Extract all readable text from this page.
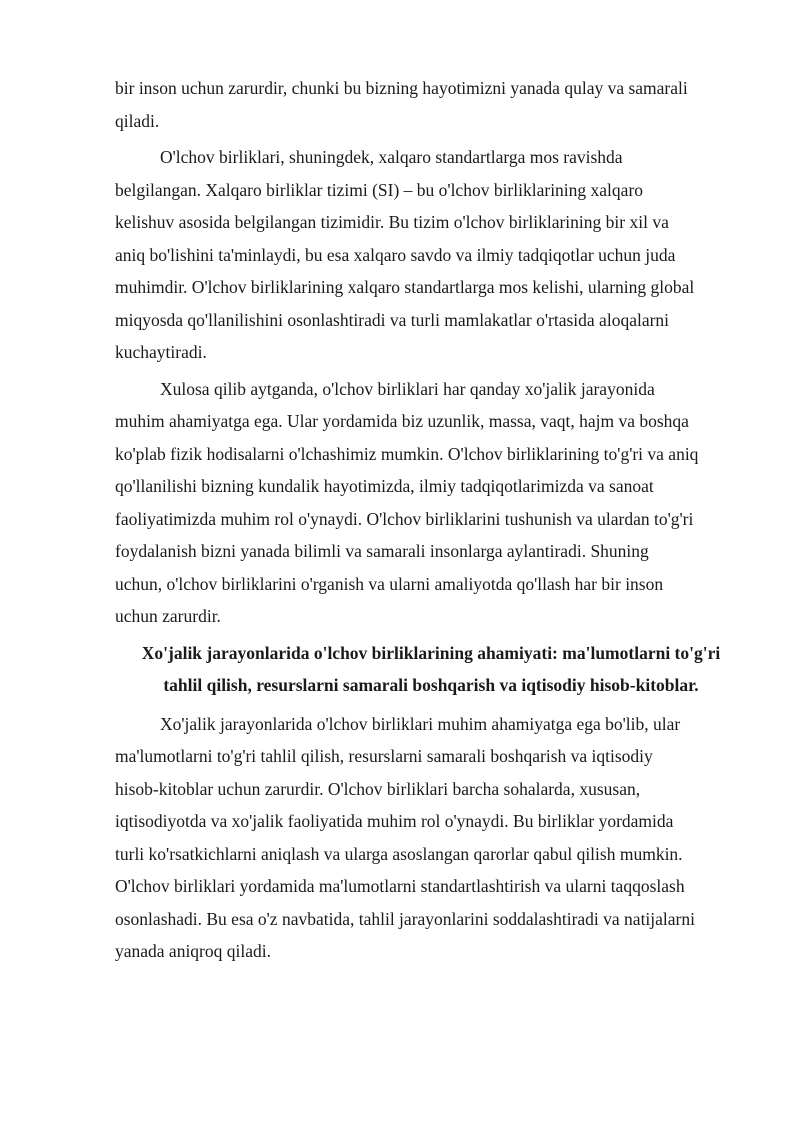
bir inson uchun zarurdir, chunki bu bizning hayotimizni yanada qulay va samarali
qiladi.

O'lchov birliklari, shuningdek, xalqaro standartlarga mos ravishda
belgilangan. Xalqaro birliklar tizimi (SI) – bu o'lchov birliklarining xalqaro
kelishuv asosida belgilangan tizimidir. Bu tizim o'lchov birliklarining bir xil va
aniq bo'lishini ta'minlaydi, bu esa xalqaro savdo va ilmiy tadqiqotlar uchun juda
muhimdir. O'lchov birliklarining xalqaro standartlarga mos kelishi, ularning global
miqyosda qo'llanilishini osonlashtiradi va turli mamlakatlar o'rtasida aloqalarni
kuchaytiradi.

Xulosa qilib aytganda, o'lchov birliklari har qanday xo'jalik jarayonida
muhim ahamiyatga ega. Ular yordamida biz uzunlik, massa, vaqt, hajm va boshqa
ko'plab fizik hodisalarni o'lchashimiz mumkin. O'lchov birliklarining to'g'ri va aniq
qo'llanilishi bizning kundalik hayotimizda, ilmiy tadqiqotlarimizda va sanoat
faoliyatimizda muhim rol o'ynaydi. O'lchov birliklarini tushunish va ulardan to'g'ri
foydalanish bizni yanada bilimli va samarali insonlarga aylantiradi. Shuning
uchun, o'lchov birliklarini o'rganish va ularni amaliyotda qo'llash har bir inson
uchun zarurdir.

Xo'jalik jarayonlarida o'lchov birliklarining ahamiyati: ma'lumotlarni to'g'ri
tahlil qilish, resurslarni samarali boshqarish va iqtisodiy hisob-kitoblar.

Xo'jalik jarayonlarida o'lchov birliklari muhim ahamiyatga ega bo'lib, ular
ma'lumotlarni to'g'ri tahlil qilish, resurslarni samarali boshqarish va iqtisodiy
hisob-kitoblar uchun zarurdir. O'lchov birliklari barcha sohalarda, xususan,
iqtisodiyotda va xo'jalik faoliyatida muhim rol o'ynaydi. Bu birliklar yordamida
turli ko'rsatkichlarni aniqlash va ularga asoslangan qarorlar qabul qilish mumkin.
O'lchov birliklari yordamida ma'lumotlarni standartlashtirish va ularni taqqoslash
osonlashadi. Bu esa o'z navbatida, tahlil jarayonlarini soddalashtiradi va natijalarni
yanada aniqroq qiladi.
